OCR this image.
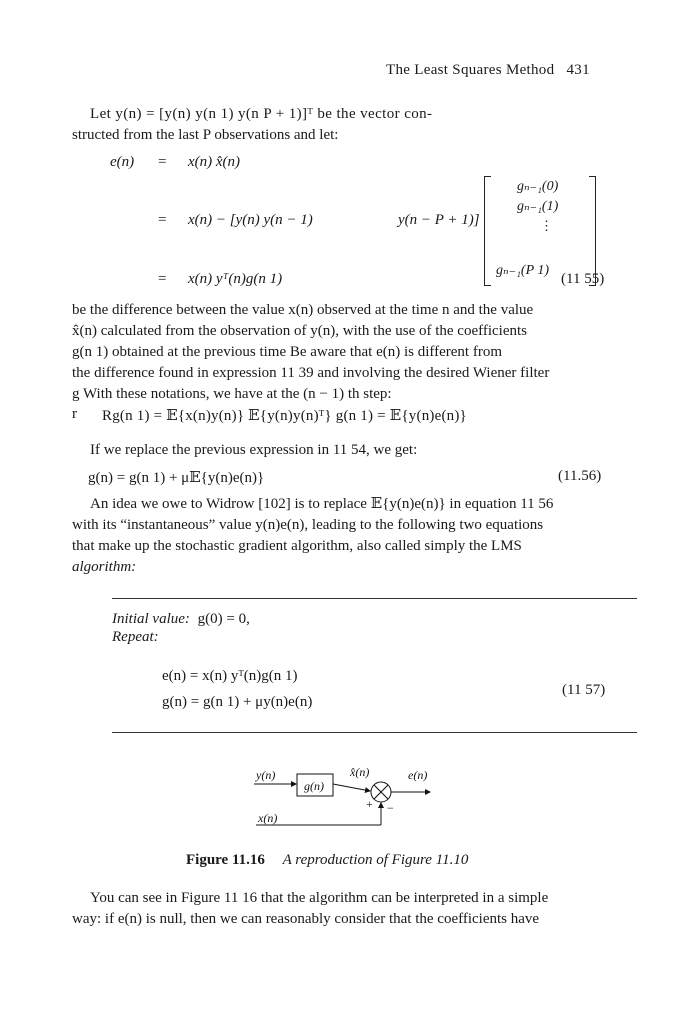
The Least Squares Method 431
Let y(n) = [y(n) y(n 1) y(n P + 1)]ᵀ be the vector con-
structed from the last P observations and let:
e(n) = x(n) x̂(n)
= x(n) − [y(n) y(n − 1)	y(n − P + 1)]
gₙ₋₁(0)
gₙ₋₁(1)
⋮
gₙ₋₁(P 1)
= x(n) yᵀ(n)g(n 1)	(11 55)
be the difference between the value x(n) observed at the time n and the value
x̂(n) calculated from the observation of y(n), with the use of the coefficients
g(n 1) obtained at the previous time Be aware that e(n) is different from
the difference found in expression 11 39 and involving the desired Wiener filter
g With these notations, we have at the (n − 1) th step:
r Rg(n 1) = 𝔼{x(n)y(n)} 𝔼{y(n)y(n)ᵀ} g(n 1) = 𝔼{y(n)e(n)}
If we replace the previous expression in 11 54, we get:
g(n) = g(n 1) + μ𝔼{y(n)e(n)}	(11.56)
An idea we owe to Widrow [102] is to replace 𝔼{y(n)e(n)} in equation 11 56
with its “instantaneous” value y(n)e(n), leading to the following two equations
that make up the stochastic gradient algorithm, also called simply the LMS
algorithm:
Initial value: g(0) = 0,
Repeat:
e(n) = x(n) yᵀ(n)g(n 1)
g(n) = g(n 1) + μy(n)e(n)
(11 57)
y(n)
g(n)
x̂(n)
+ −
e(n)
x(n)
Figure 11.16 A reproduction of Figure 11.10
You can see in Figure 11 16 that the algorithm can be interpreted in a simple
way: if e(n) is null, then we can reasonably consider that the coefficients have
